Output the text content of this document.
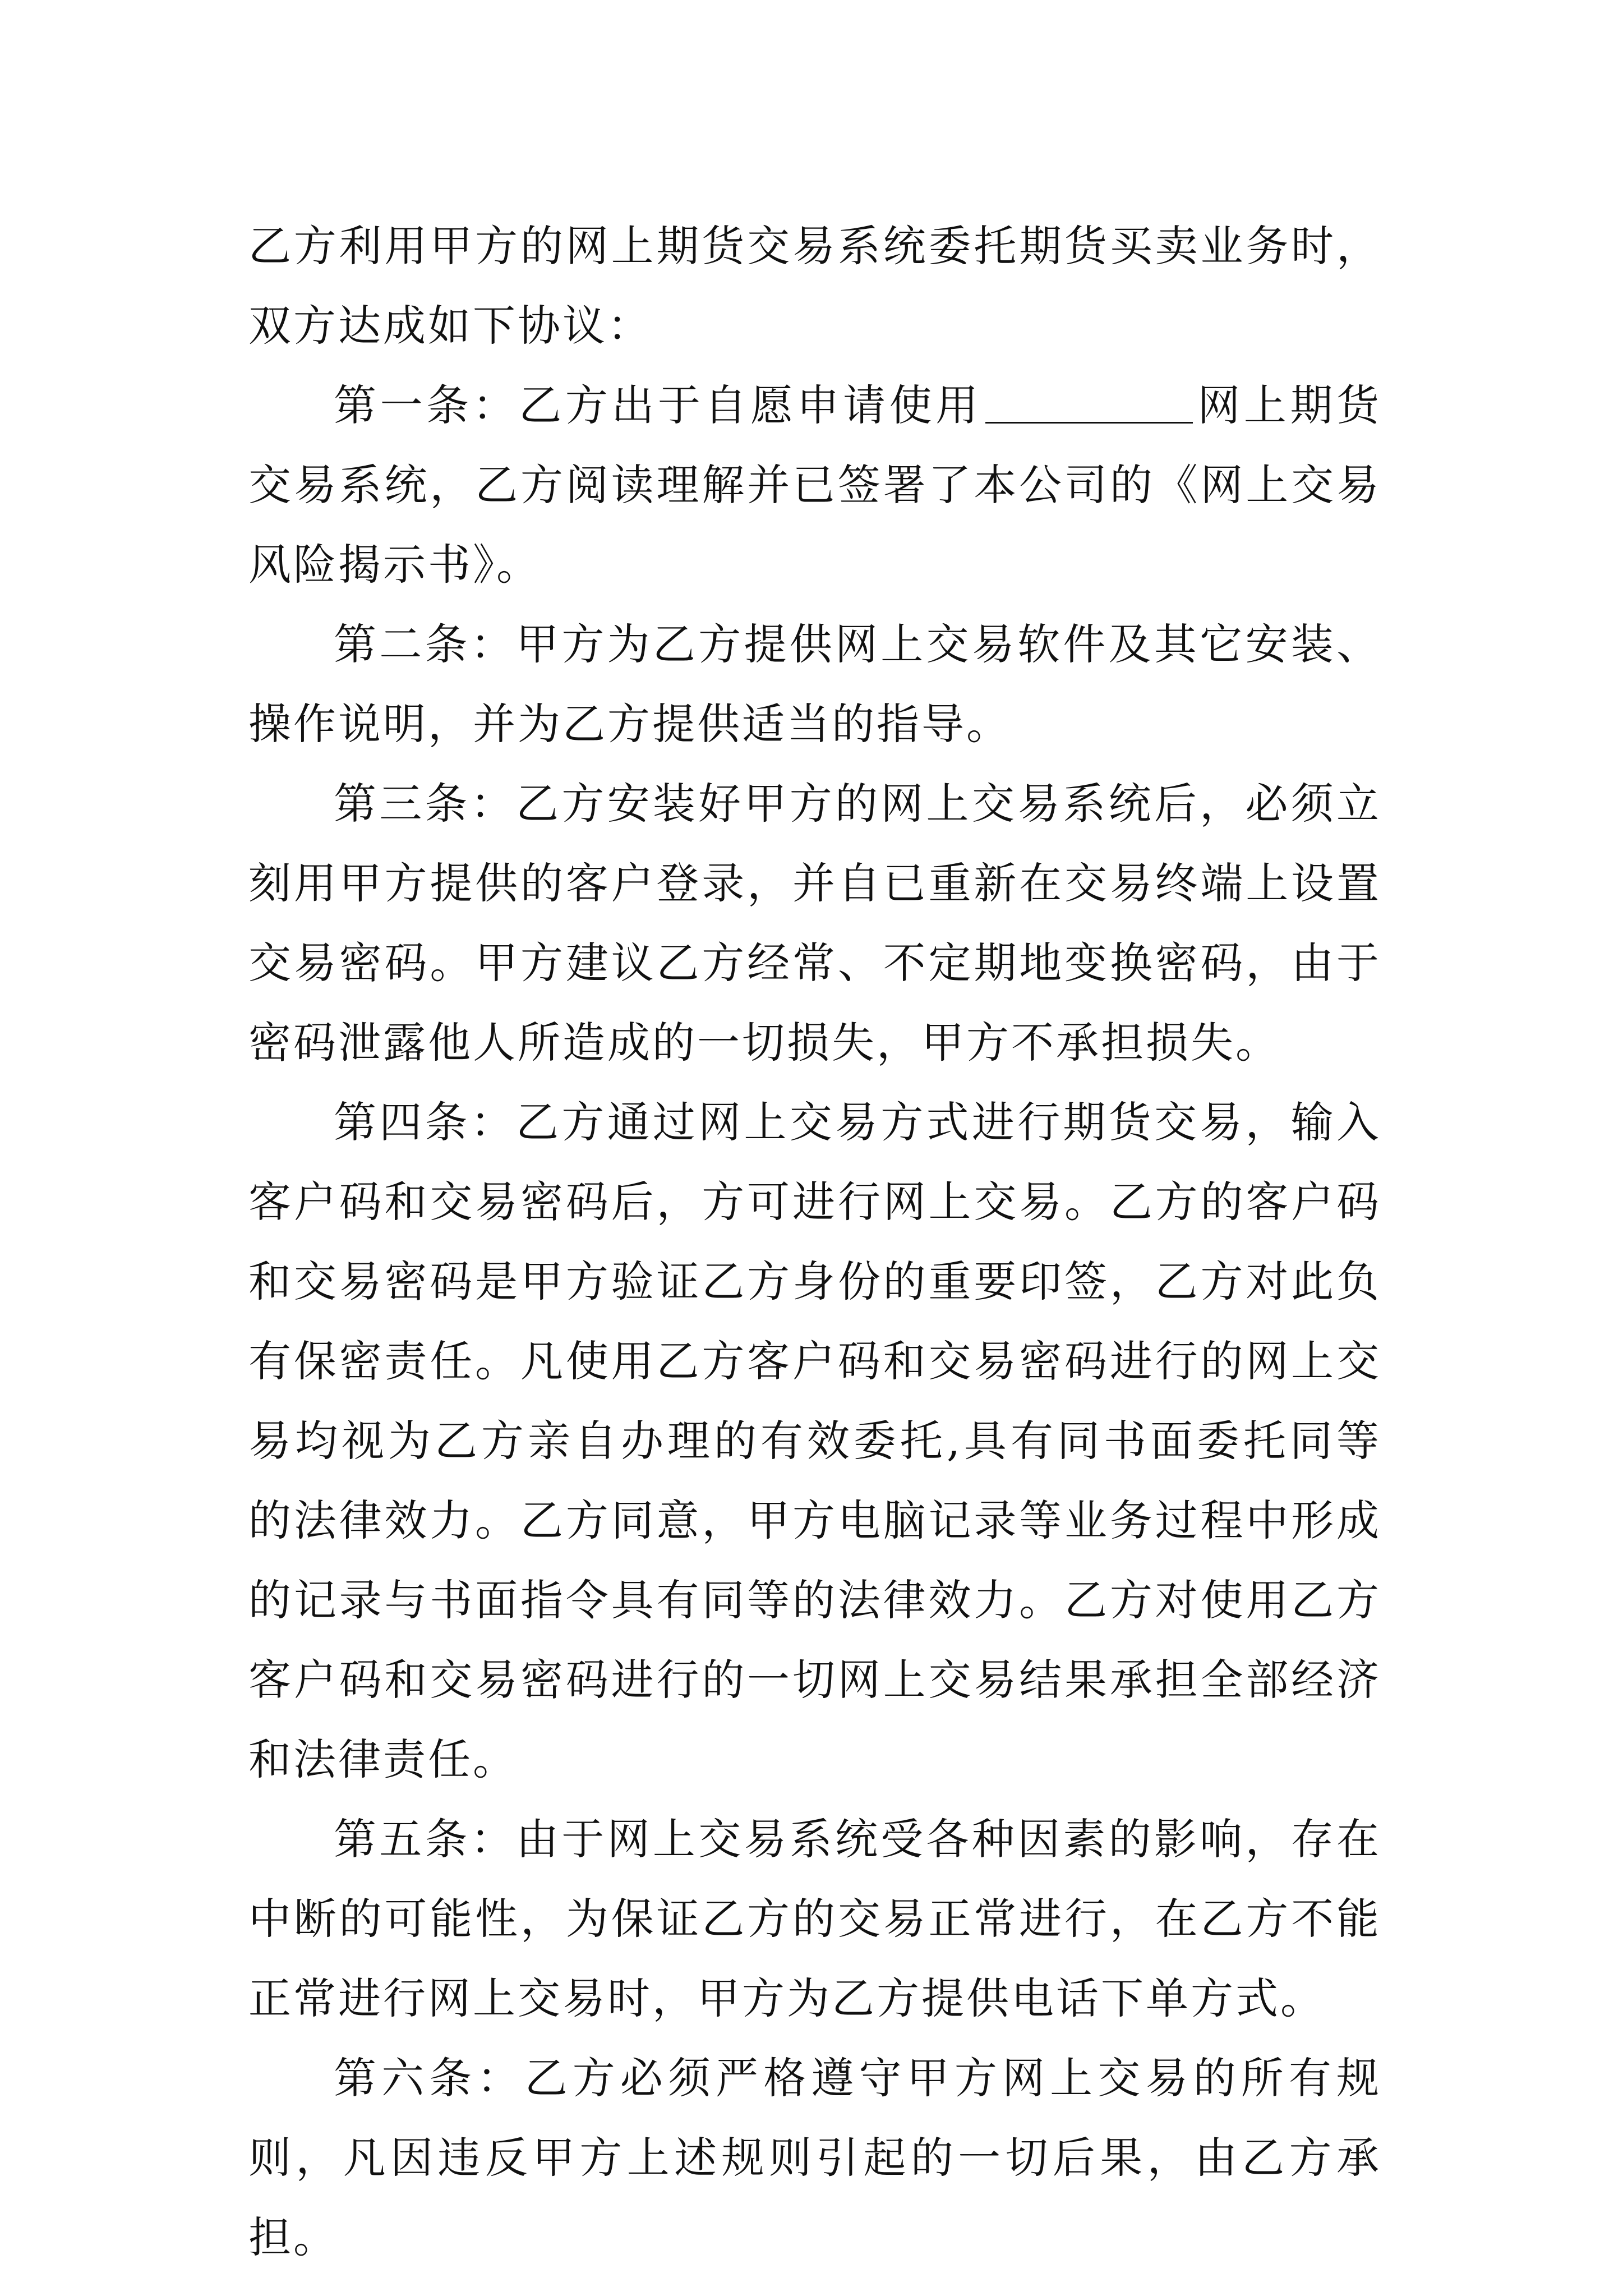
乙方利用甲方的网上期货交易系统委托期货买卖业务时，双方达成如下协议：

第一条：乙方出于自愿申请使用	网上期货交易系统，乙方阅读理解并已签署了本公司的《网上交易风险揭示书》。

第二条：甲方为乙方提供网上交易软件及其它安装、操作说明，并为乙方提供适当的指导。

第三条：乙方安装好甲方的网上交易系统后，必须立刻用甲方提供的客户登录，并自已重新在交易终端上设置交易密码。甲方建议乙方经常、不定期地变换密码，由于密码泄露他人所造成的一切损失，甲方不承担损失。

第四条：乙方通过网上交易方式进行期货交易，输入客户码和交易密码后，方可进行网上交易。乙方的客户码和交易密码是甲方验证乙方身份的重要印签，乙方对此负有保密责任。凡使用乙方客户码和交易密码进行的网上交易均视为乙方亲自办理的有效委托,具有同书面委托同等的法律效力。乙方同意，甲方电脑记录等业务过程中形成的记录与书面指令具有同等的法律效力。乙方对使用乙方客户码和交易密码进行的一切网上交易结果承担全部经济和法律责任。

第五条：由于网上交易系统受各种因素的影响，存在中断的可能性，为保证乙方的交易正常进行，在乙方不能正常进行网上交易时，甲方为乙方提供电话下单方式。

第六条：乙方必须严格遵守甲方网上交易的所有规则，凡因违反甲方上述规则引起的一切后果，由乙方承担。
